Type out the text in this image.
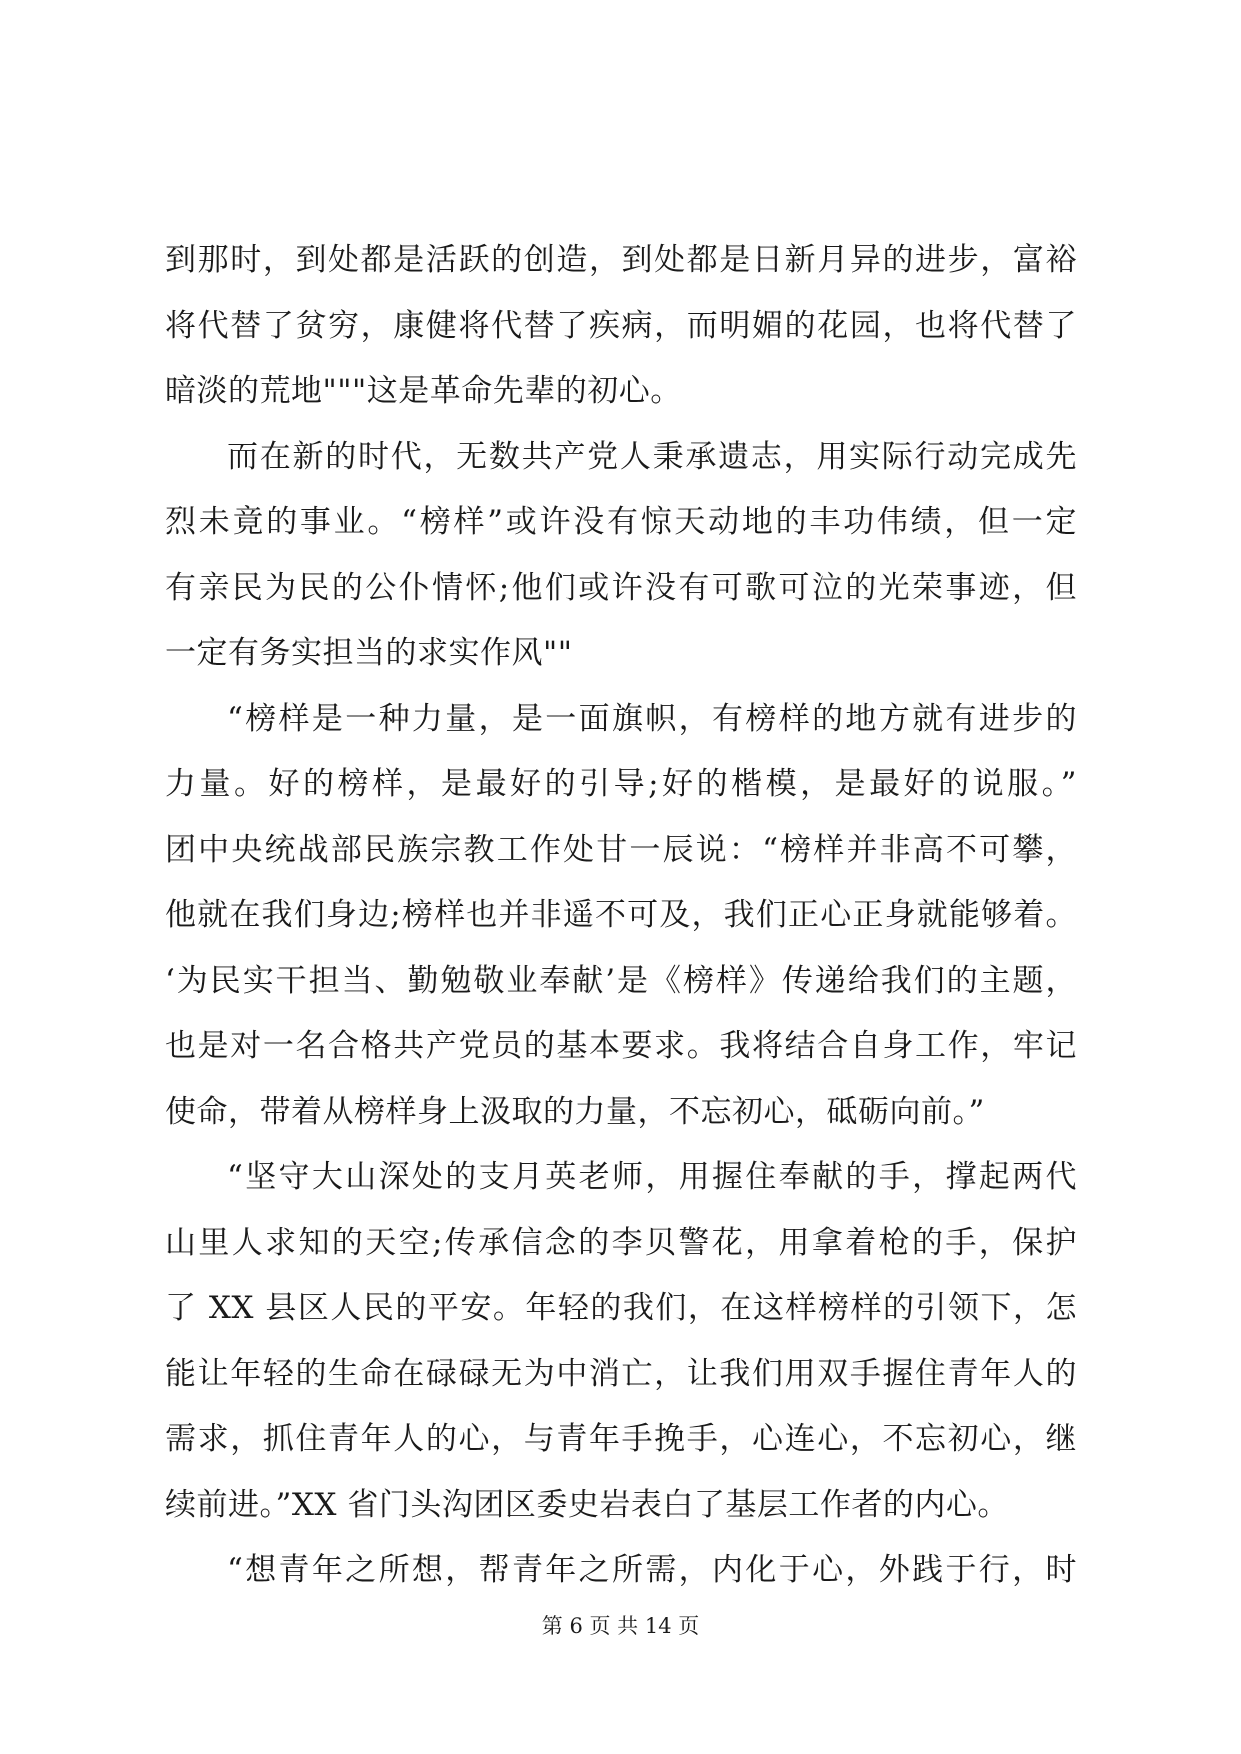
到那时，到处都是活跃的创造，到处都是日新月异的进步，富裕
将代替了贫穷，康健将代替了疾病，而明媚的花园，也将代替了
暗淡的荒地"""这是革命先辈的初心。
而在新的时代，无数共产党人秉承遗志，用实际行动完成先
烈未竟的事业。“榜样”或许没有惊天动地的丰功伟绩，但一定
有亲民为民的公仆情怀;他们或许没有可歌可泣的光荣事迹，但
一定有务实担当的求实作风""
“榜样是一种力量，是一面旗帜，有榜样的地方就有进步的
力量。好的榜样，是最好的引导;好的楷模，是最好的说服。”
团中央统战部民族宗教工作处甘一辰说：“榜样并非高不可攀，
他就在我们身边;榜样也并非遥不可及，我们正心正身就能够着。
‘为民实干担当、勤勉敬业奉献’是《榜样》传递给我们的主题，
也是对一名合格共产党员的基本要求。我将结合自身工作，牢记
使命，带着从榜样身上汲取的力量，不忘初心，砥砺向前。”
“坚守大山深处的支月英老师，用握住奉献的手，撑起两代
山里人求知的天空;传承信念的李贝警花，用拿着枪的手，保护
了 XX 县区人民的平安。年轻的我们，在这样榜样的引领下，怎
能让年轻的生命在碌碌无为中消亡，让我们用双手握住青年人的
需求，抓住青年人的心，与青年手挽手，心连心，不忘初心，继
续前进。”XX 省门头沟团区委史岩表白了基层工作者的内心。
“想青年之所想，帮青年之所需，内化于心，外践于行，时
第 6 页 共 14 页
